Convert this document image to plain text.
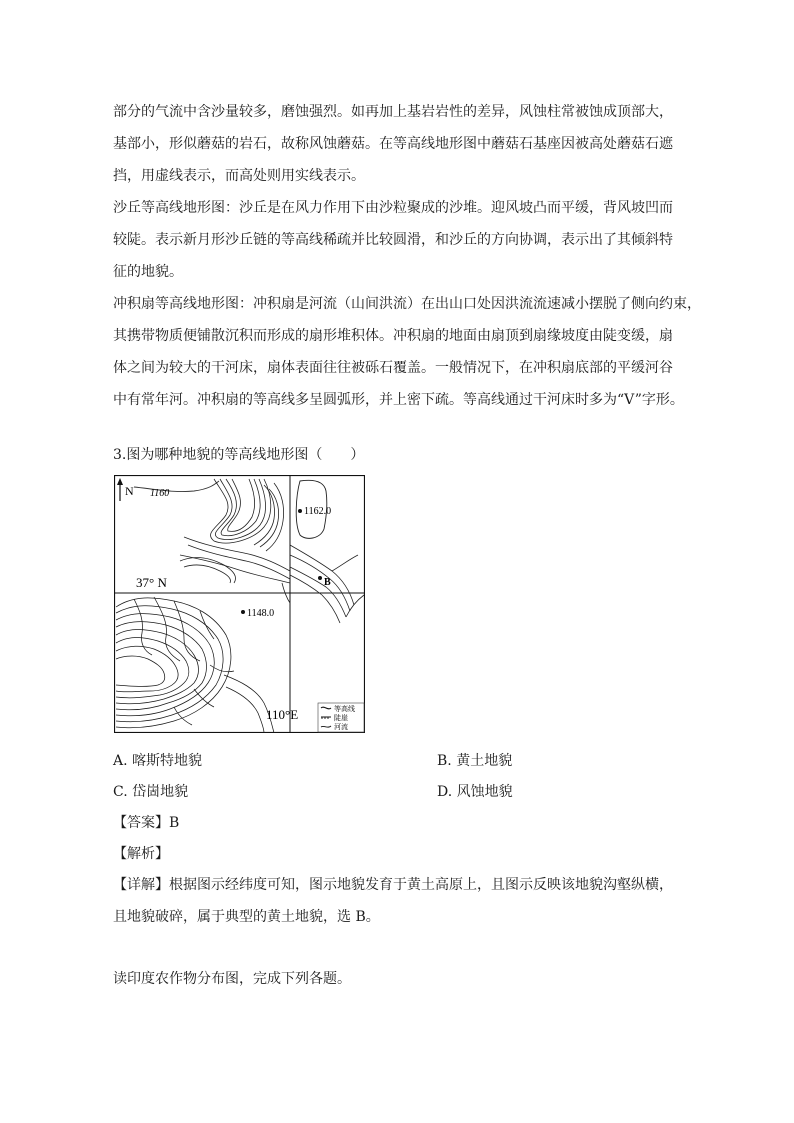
部分的气流中含沙量较多，磨蚀强烈。如再加上基岩岩性的差异，风蚀柱常被蚀成顶部大，
基部小，形似蘑菇的岩石，故称风蚀蘑菇。在等高线地形图中蘑菇石基座因被高处蘑菇石遮
挡，用虚线表示，而高处则用实线表示。
沙丘等高线地形图：沙丘是在风力作用下由沙粒聚成的沙堆。迎风坡凸而平缓，背风坡凹而
较陡。表示新月形沙丘链的等高线稀疏并比较圆滑，和沙丘的方向协调，表示出了其倾斜特
征的地貌。
冲积扇等高线地形图：冲积扇是河流（山间洪流）在出山口处因洪流流速减小摆脱了侧向约束，
其携带物质便铺散沉积而形成的扇形堆积体。冲积扇的地面由扇顶到扇缘坡度由陡变缓，扇
体之间为较大的干河床，扇体表面往往被砾石覆盖。一般情况下，在冲积扇底部的平缓河谷
中有常年河。冲积扇的等高线多呈圆弧形，并上密下疏。等高线通过干河床时多为“V”字形。
3.图为哪种地貌的等高线地形图（　　）
N 1160
1162.0
B
37° N
1148.0
等高线
陡崖
河流
110°E
A. 喀斯特地貌	B. 黄土地貌
C. 岱崮地貌	D. 风蚀地貌
【答案】B
【解析】
【详解】根据图示经纬度可知，图示地貌发育于黄土高原上，且图示反映该地貌沟壑纵横，
且地貌破碎，属于典型的黄土地貌，选 B。
读印度农作物分布图，完成下列各题。
